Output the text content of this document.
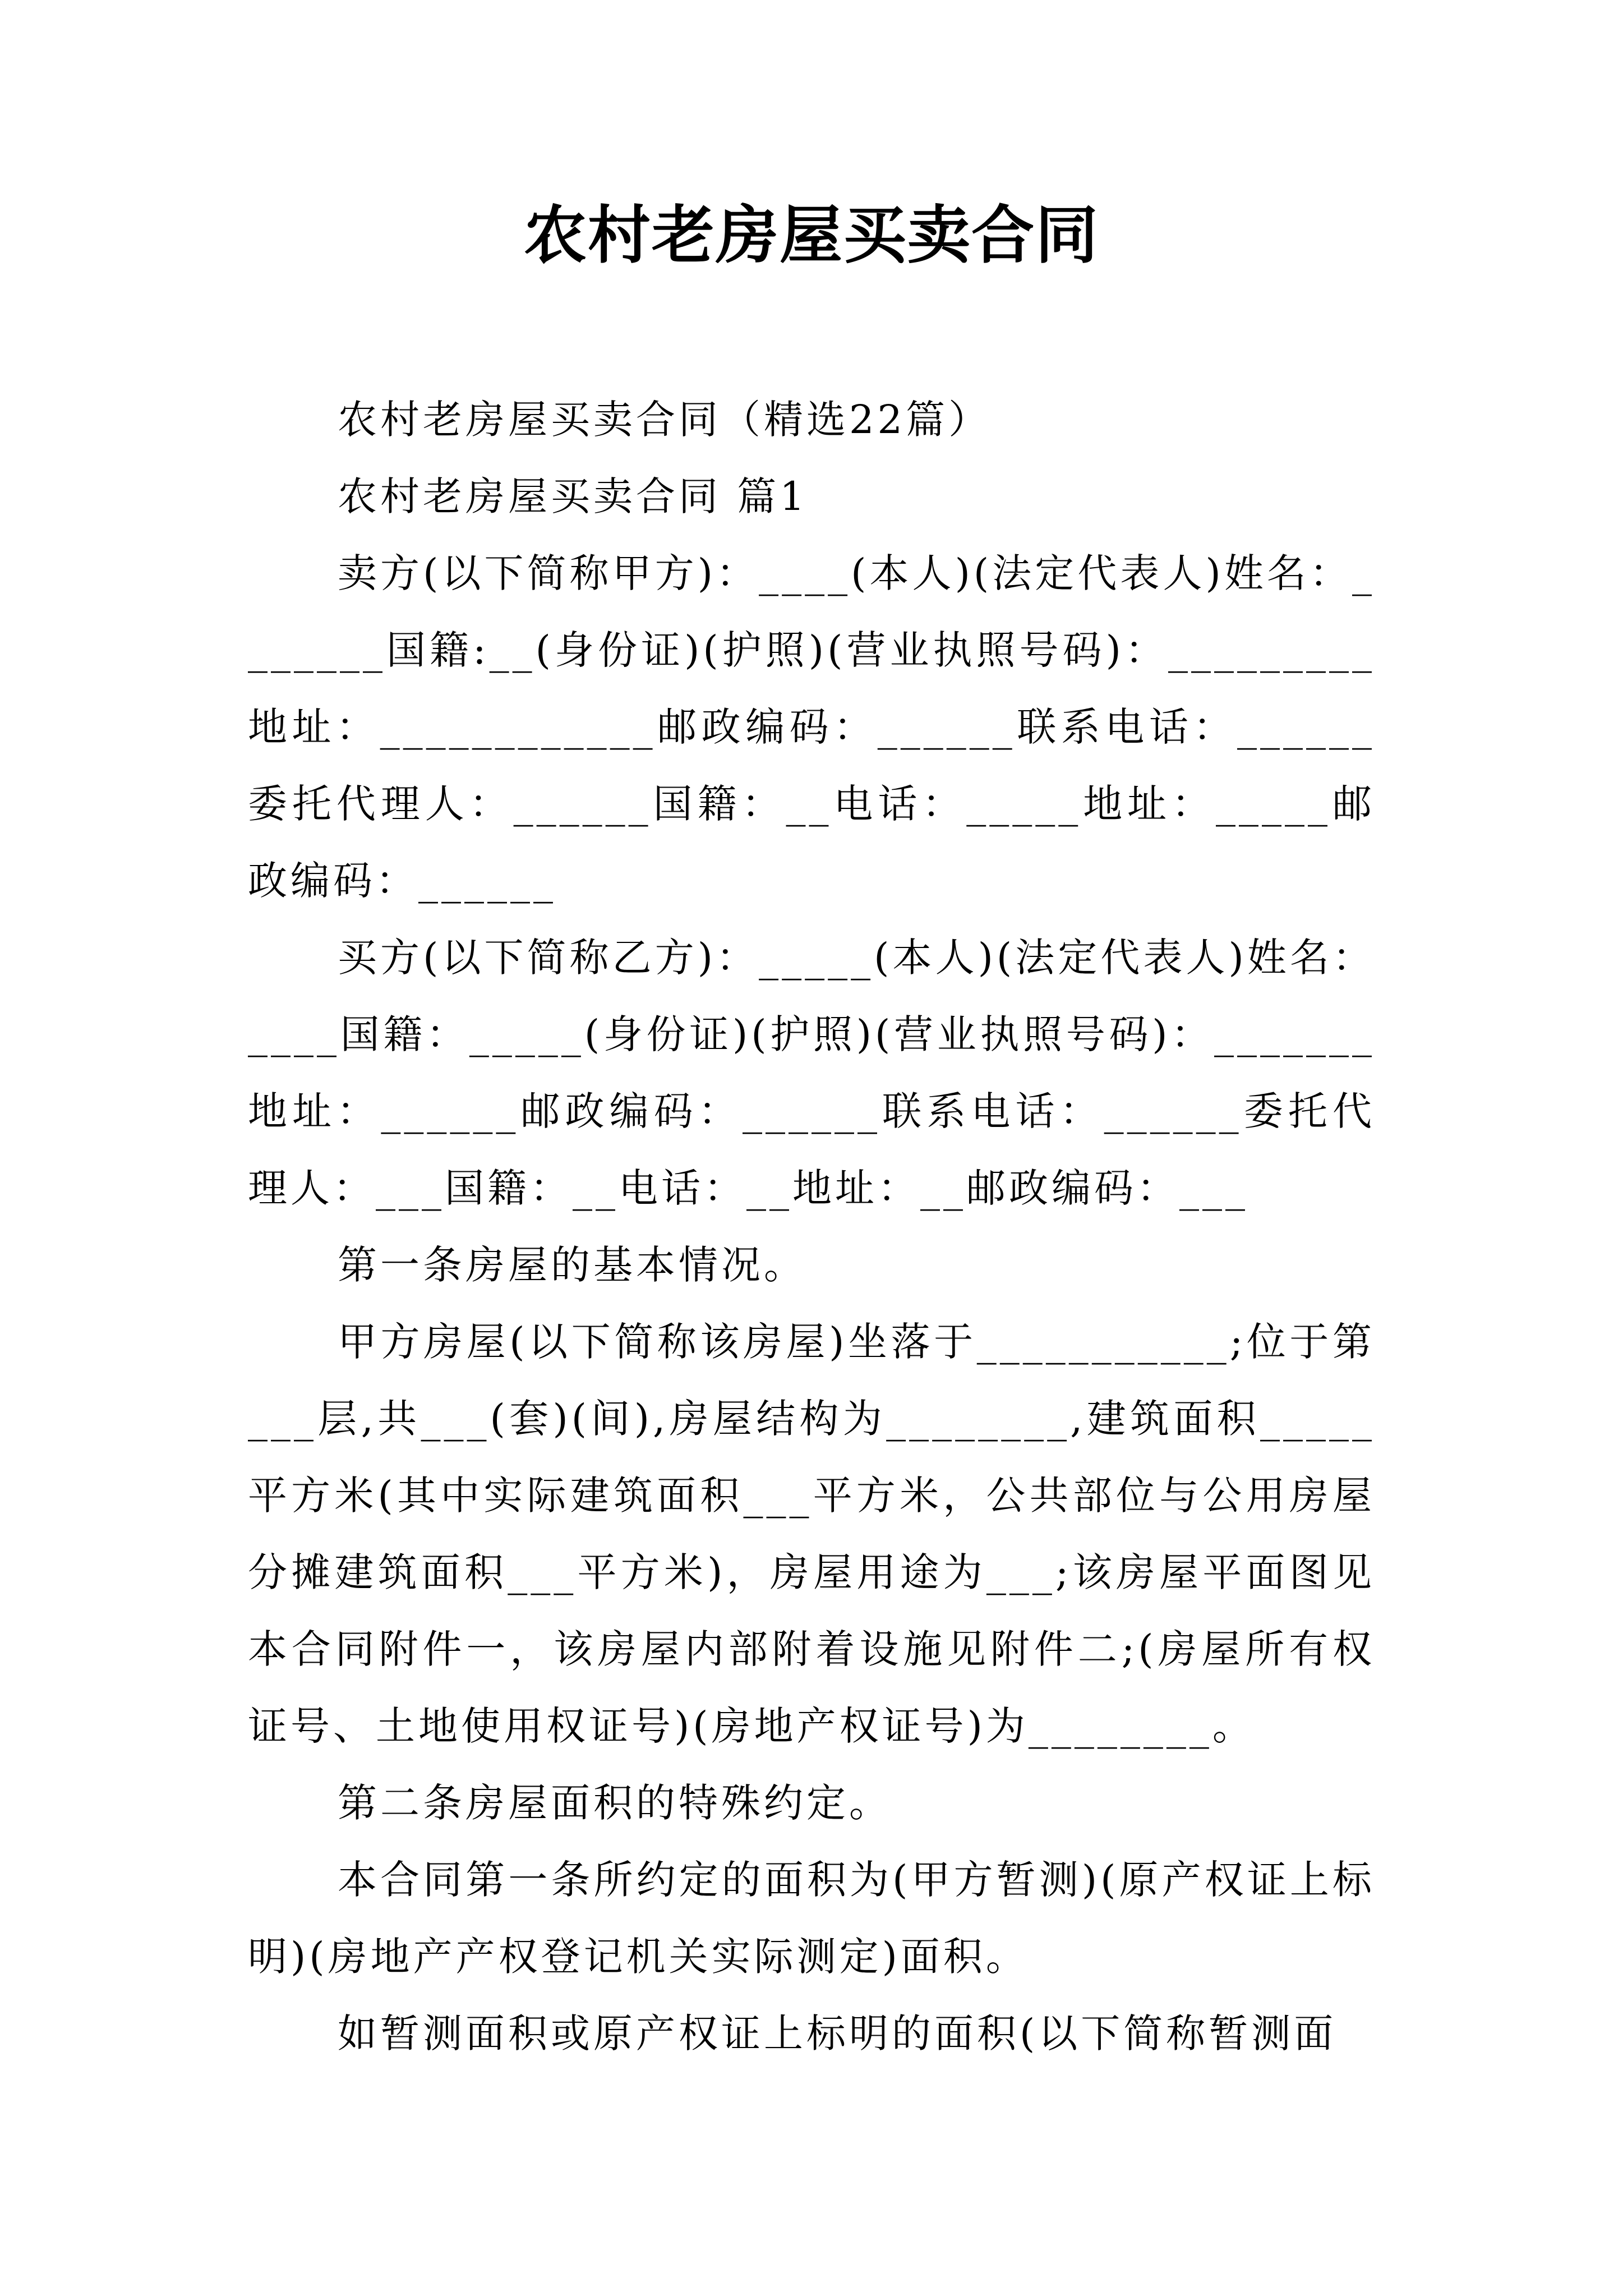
农村老房屋买卖合同

农村老房屋买卖合同（精选22篇）

农村老房屋买卖合同 篇1

卖方(以下简称甲方)：____(本人)(法定代表人)姓名：_______国籍:__(身份证)(护照)(营业执照号码)：_________地址：____________邮政编码：______联系电话：______委托代理人：______国籍：__电话：_____地址：_____邮政编码：______

买方(以下简称乙方)：_____(本人)(法定代表人)姓名：____国籍：_____(身份证)(护照)(营业执照号码)：_______地址：______邮政编码：______联系电话：______委托代理人：___国籍：__电话：__地址：__邮政编码：___

第一条房屋的基本情况。

甲方房屋(以下简称该房屋)坐落于___________;位于第___层,共___(套)(间),房屋结构为________,建筑面积_____平方米(其中实际建筑面积___平方米，公共部位与公用房屋分摊建筑面积___平方米)，房屋用途为___;该房屋平面图见本合同附件一，该房屋内部附着设施见附件二;(房屋所有权证号、土地使用权证号)(房地产权证号)为________。

第二条房屋面积的特殊约定。

本合同第一条所约定的面积为(甲方暂测)(原产权证上标明)(房地产产权登记机关实际测定)面积。

如暂测面积或原产权证上标明的面积(以下简称暂测面
